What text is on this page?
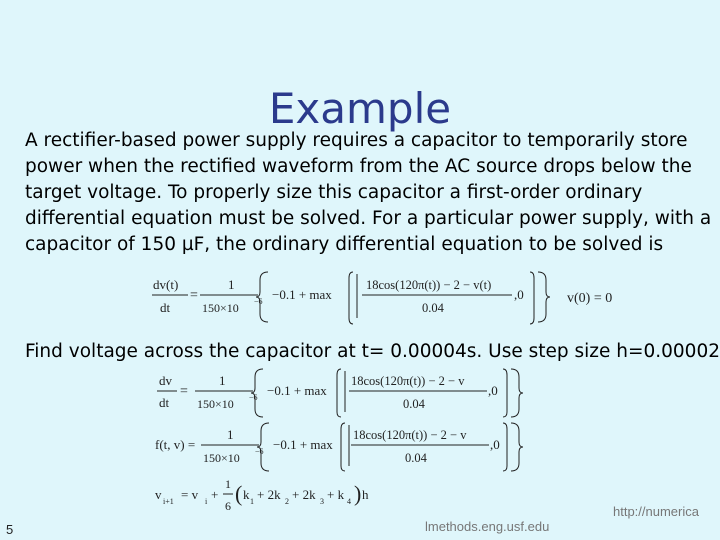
Example
A rectifier-based power supply requires a capacitor to temporarily store power when the rectified waveform from the AC source drops below the target voltage. To properly size this capacitor a first-order ordinary differential equation must be solved. For a particular power supply, with a capacitor of 150 µF, the ordinary differential equation to be solved is
dv(t)
dt
=
1
150×10 −6 −0.1 + max
18cos(120π(t)) − 2 − v(t)
0.04
,0	v(0) = 0
Find voltage across the capacitor at t= 0.00004s. Use step size h=0.00002
dv
dt
=
1
150×10 −6 −0.1 + max
18cos(120π(t)) − 2 − v
0.04
,0
f(t, v) =
1
150×10 −6 −0.1 + max
18cos(120π(t)) − 2 − v
0.04
,0
v i+1 = v i +
1
6 ( k 1 + 2k 2 + 2k 3 + k 4 ) h
5
http://numerica
lmethods.eng.usf.edu
